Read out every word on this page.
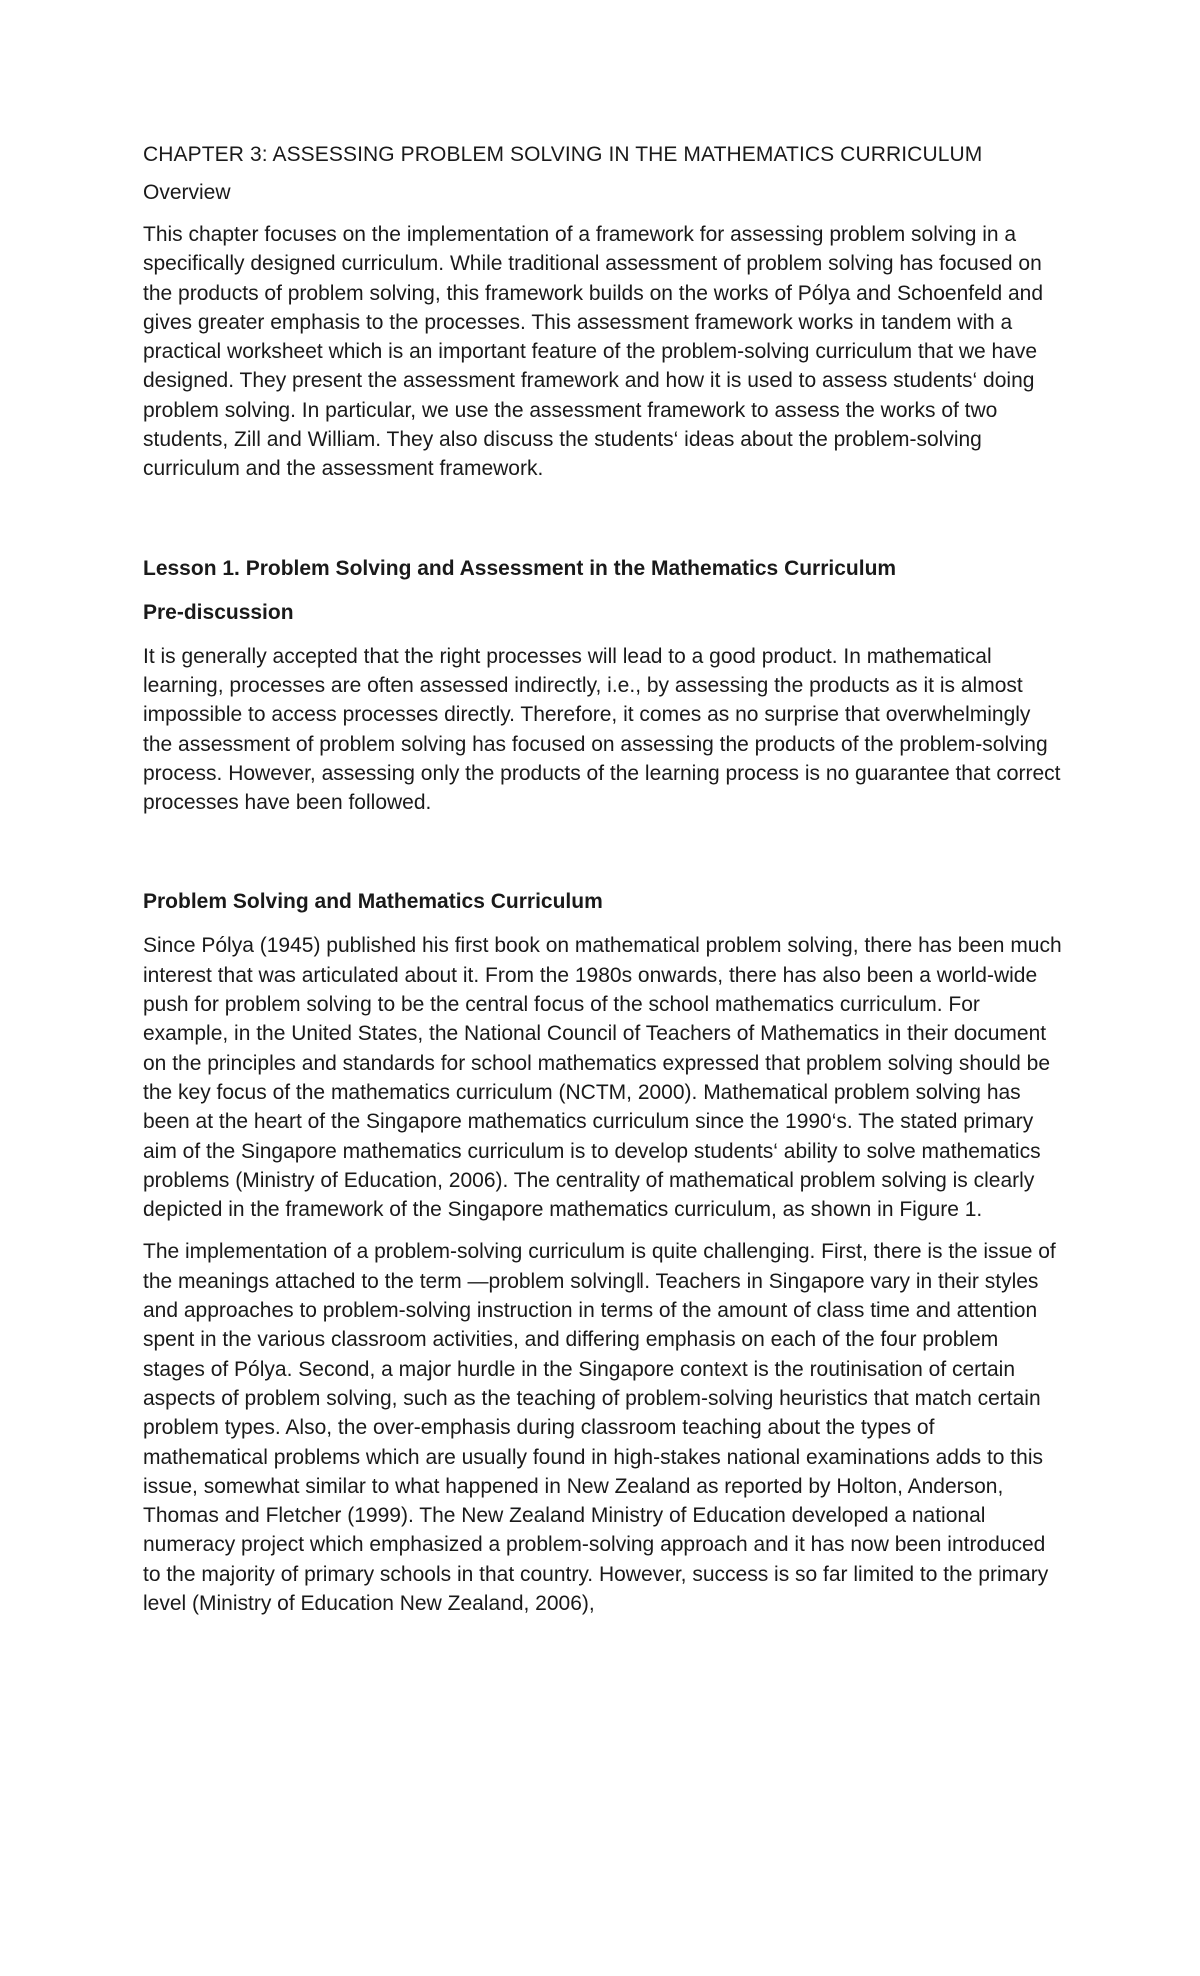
CHAPTER 3: ASSESSING PROBLEM SOLVING IN THE MATHEMATICS CURRICULUM
Overview

This chapter focuses on the implementation of a framework for assessing problem solving in a specifically designed curriculum. While traditional assessment of problem solving has focused on the products of problem solving, this framework builds on the works of Pólya and Schoenfeld and gives greater emphasis to the processes. This assessment framework works in tandem with a practical worksheet which is an important feature of the problem-solving curriculum that we have designed. They present the assessment framework and how it is used to assess students‘ doing problem solving. In particular, we use the assessment framework to assess the works of two students, Zill and William. They also discuss the students‘ ideas about the problem-solving curriculum and the assessment framework.

Lesson 1. Problem Solving and Assessment in the Mathematics Curriculum
Pre-discussion

It is generally accepted that the right processes will lead to a good product. In mathematical learning, processes are often assessed indirectly, i.e., by assessing the products as it is almost impossible to access processes directly. Therefore, it comes as no surprise that overwhelmingly the assessment of problem solving has focused on assessing the products of the problem-solving process. However, assessing only the products of the learning process is no guarantee that correct processes have been followed.

Problem Solving and Mathematics Curriculum

Since Pólya (1945) published his first book on mathematical problem solving, there has been much interest that was articulated about it. From the 1980s onwards, there has also been a world-wide push for problem solving to be the central focus of the school mathematics curriculum. For example, in the United States, the National Council of Teachers of Mathematics in their document on the principles and standards for school mathematics expressed that problem solving should be the key focus of the mathematics curriculum (NCTM, 2000). Mathematical problem solving has been at the heart of the Singapore mathematics curriculum since the 1990‘s. The stated primary aim of the Singapore mathematics curriculum is to develop students‘ ability to solve mathematics problems (Ministry of Education, 2006). The centrality of mathematical problem solving is clearly depicted in the framework of the Singapore mathematics curriculum, as shown in Figure 1.

The implementation of a problem-solving curriculum is quite challenging. First, there is the issue of the meanings attached to the term ―problem solving‖. Teachers in Singapore vary in their styles and approaches to problem-solving instruction in terms of the amount of class time and attention spent in the various classroom activities, and differing emphasis on each of the four problem stages of Pólya. Second, a major hurdle in the Singapore context is the routinisation of certain aspects of problem solving, such as the teaching of problem-solving heuristics that match certain problem types. Also, the over-emphasis during classroom teaching about the types of mathematical problems which are usually found in high-stakes national examinations adds to this issue, somewhat similar to what happened in New Zealand as reported by Holton, Anderson, Thomas and Fletcher (1999). The New Zealand Ministry of Education developed a national numeracy project which emphasized a problem-solving approach and it has now been introduced to the majority of primary schools in that country. However, success is so far limited to the primary level (Ministry of Education New Zealand, 2006),
